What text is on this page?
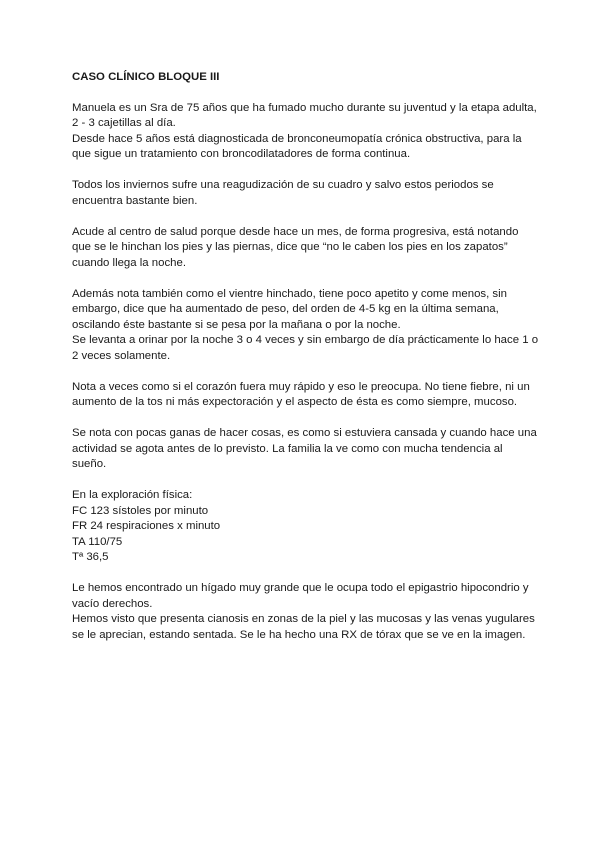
CASO CLÍNICO BLOQUE III
Manuela es un Sra de 75 años que ha fumado mucho durante su juventud y la etapa adulta,
2 - 3 cajetillas al día.
Desde hace 5 años está diagnosticada de bronconeumopatía crónica obstructiva, para la
que sigue un tratamiento con broncodilatadores de forma continua.
Todos los inviernos sufre una reagudización de su cuadro y salvo estos periodos se
encuentra bastante bien.
Acude al centro de salud porque desde hace un mes, de forma progresiva, está notando
que se le hinchan los pies y las piernas, dice que “no le caben los pies en los zapatos”
cuando llega la noche.
Además nota también como el vientre hinchado, tiene poco apetito y come menos, sin
embargo, dice que ha aumentado de peso, del orden de 4-5 kg en la última semana,
oscilando éste bastante si se pesa por la mañana o por la noche.
Se levanta a orinar por la noche 3 o 4 veces y sin embargo de día prácticamente lo hace 1 o
2 veces solamente.
Nota a veces como si el corazón fuera muy rápido y eso le preocupa. No tiene fiebre, ni un
aumento de la tos ni más expectoración y el aspecto de ésta es como siempre, mucoso.
Se nota con pocas ganas de hacer cosas, es como si estuviera cansada y cuando hace una
actividad se agota antes de lo previsto. La familia la ve como con mucha tendencia al
sueño.
En la exploración física:
FC 123 sístoles por minuto
FR 24 respiraciones x minuto
TA 110/75
Tª 36,5
Le hemos encontrado un hígado muy grande que le ocupa todo el epigastrio hipocondrio y
vacío derechos.
Hemos visto que presenta cianosis en zonas de la piel y las mucosas y las venas yugulares
se le aprecian, estando sentada. Se le ha hecho una RX de tórax que se ve en la imagen.
